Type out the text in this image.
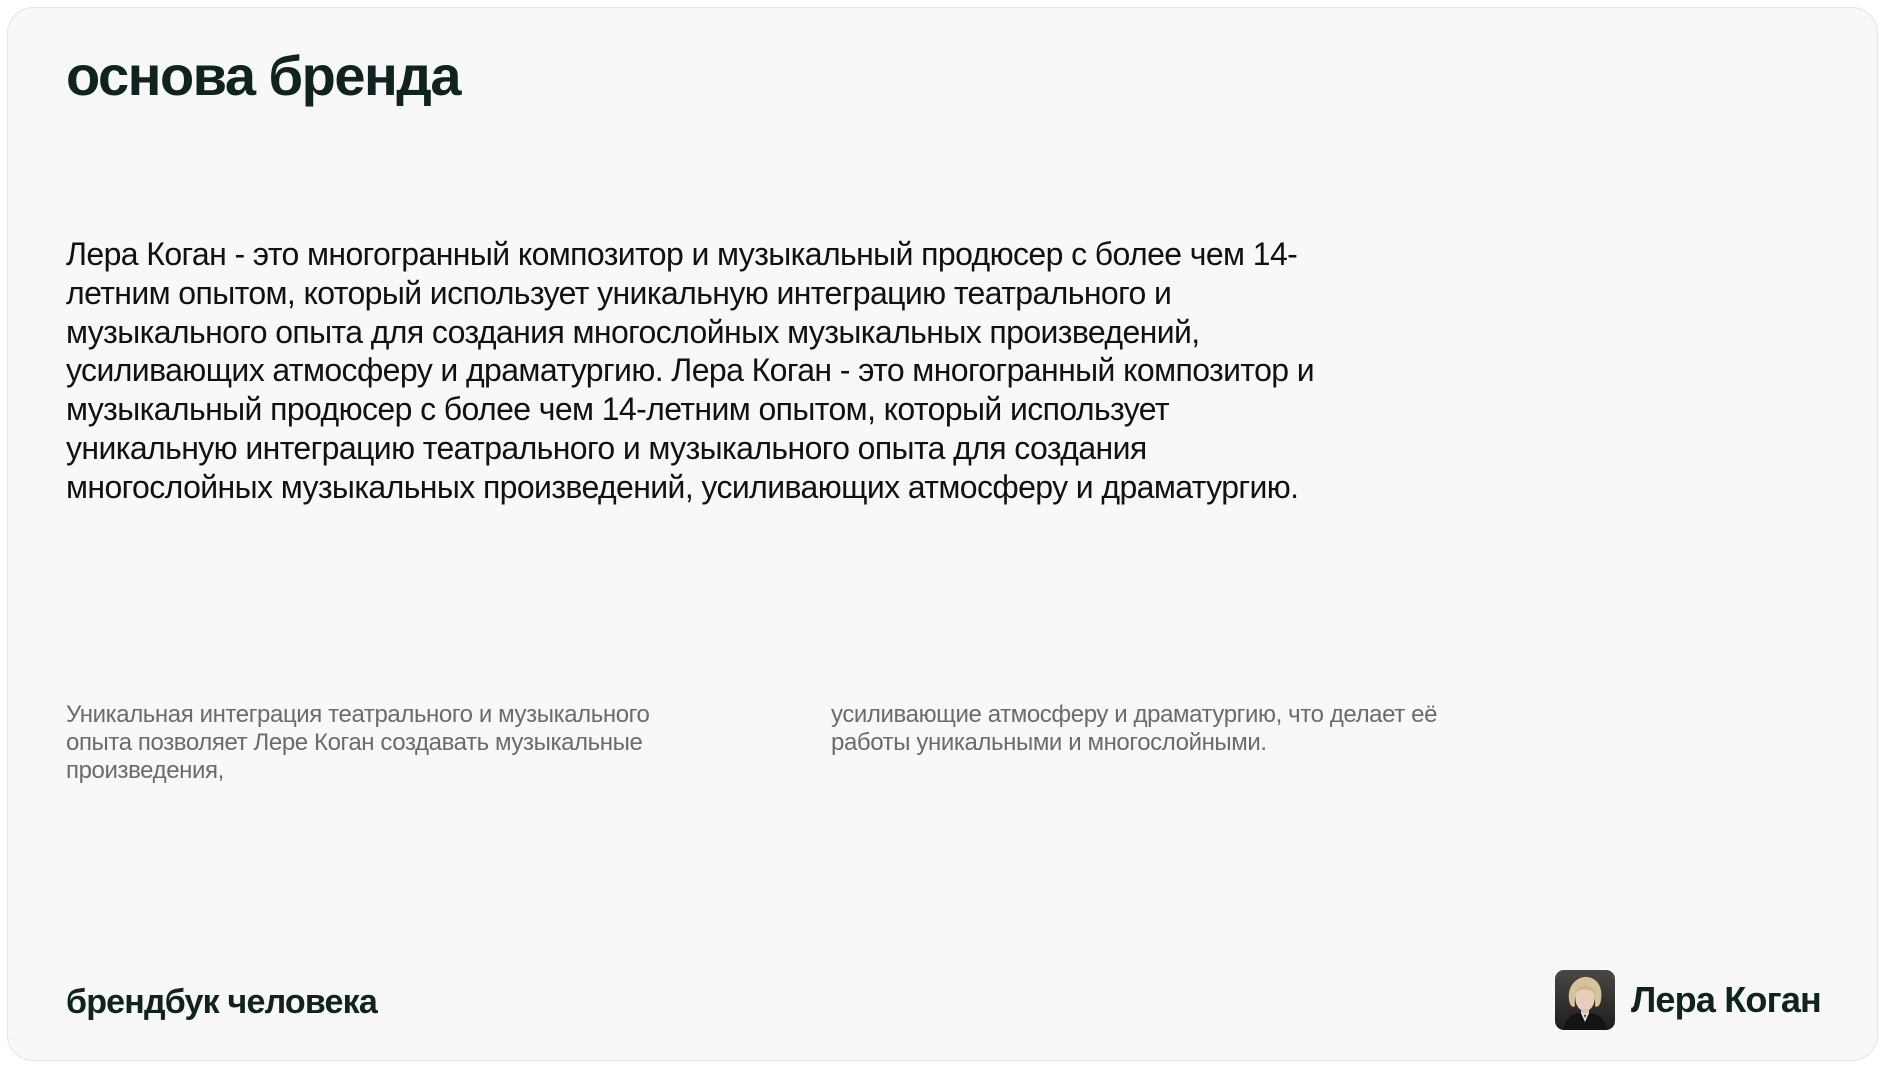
основа бренда

Лера Коган - это многогранный композитор и музыкальный продюсер с более чем 14-летним опытом, который использует уникальную интеграцию театрального и музыкального опыта для создания многослойных музыкальных произведений, усиливающих атмосферу и драматургию. Лера Коган - это многогранный композитор и музыкальный продюсер с более чем 14-летним опытом, который использует уникальную интеграцию театрального и музыкального опыта для создания многослойных музыкальных произведений, усиливающих атмосферу и драматургию.

Уникальная интеграция театрального и музыкального опыта позволяет Лере Коган создавать музыкальные произведения,

усиливающие атмосферу и драматургию, что делает её работы уникальными и многослойными.

брендбук человека	Лера Коган
